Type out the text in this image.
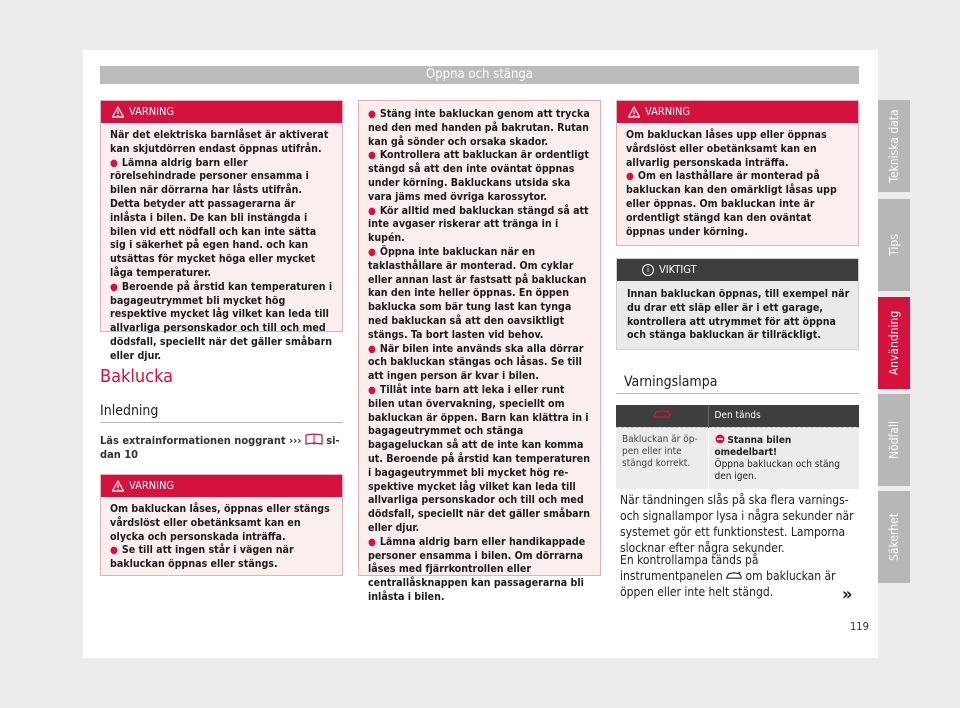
Öppna och stänga
Tekniska data
Tips
Användning
Nödfall
Säkerhet
VARNING

När det elektriska barnlåset är aktiverat kan skjutdörren endast öppnas utifrån.

● Lämna aldrig barn eller rörelsehindrade personer ensamma i bilen när dörrarna har låsts utifrån. Detta betyder att passagerarna är inlåsta i bilen. De kan bli instängda i bilen vid ett nödfall och kan inte sätta sig i säkerhet på egen hand. och kan utsättas för mycket höga eller mycket låga temperaturer.

● Beroende på årstid kan temperaturen i bagageutrymmet bli mycket hög respektive mycket låg vilket kan leda till allvarliga personskador och till och med dödsfall, speciellt när det gäller småbarn eller djur.

Baklucka
Inledning
Läs extrainformationen noggrant ››› sidan 10
VARNING

Om bakluckan låses, öppnas eller stängs vårdslöst eller obetänksamt kan en olycka och personskada inträffa.

● Se till att ingen står i vägen när bakluckan öppnas eller stängs.

● Stäng inte bakluckan genom att trycka ned den med handen på bakrutan. Rutan kan gå sönder och orsaka skador.

● Kontrollera att bakluckan är ordentligt stängd så att den inte oväntat öppnas under körning. Bakluckans utsida ska vara jäms med övriga karossytor.

● Kör alltid med bakluckan stängd så att inte avgaser riskerar att tränga in i kupén.

● Öppna inte bakluckan när en taklasthållare är monterad. Om cyklar eller annan last är fastsatt på bakluckan kan den inte heller öppnas. En öppen baklucka som bär tung last kan tynga ned bakluckan så att den oavsiktligt stängs. Ta bort lasten vid behov.

● När bilen inte används ska alla dörrar och bakluckan stängas och låsas. Se till att ingen person är kvar i bilen.

● Tillåt inte barn att leka i eller runt bilen utan övervakning, speciellt om bakluckan är öppen. Barn kan klättra in i bagageutrymmet och stänga bagageluckan så att de inte kan komma ut. Beroende på årstid kan temperaturen i bagageutrymmet bli mycket hög respektive mycket låg vilket kan leda till allvarliga personskador och till och med dödsfall, speciellt när det gäller småbarn eller djur.

● Lämna aldrig barn eller handikappade personer ensamma i bilen. Om dörrarna låses med fjärrkontrollen eller centrallåsknappen kan passagerarna bli inlåsta i bilen.

VARNING

Om bakluckan låses upp eller öppnas vårdslöst eller obetänksamt kan en allvarlig personskada inträffa.

● Om en lasthållare är monterad på bakluckan kan den omärkligt låsas upp eller öppnas. Om bakluckan inte är ordentligt stängd kan den oväntat öppnas under körning.

i VIKTIGT
Innan bakluckan öppnas, till exempel när du drar ett släp eller är i ett garage, kontrollera att utrymmet för att öppna och stänga bakluckan är tillräckligt.
Varningslampa
	Den tänds
Bakluckan är öppen eller inte stängd korrekt.	Stanna bilen omedelbart!
Öppna bakluckan och stäng den igen.
När tändningen slås på ska flera varnings- och signallampor lysa i några sekunder när systemet gör ett funktionstest. Lamporna slocknar efter några sekunder.
En kontrollampa tänds på instrumentpanelen om bakluckan är öppen eller inte helt stängd.	»
119
